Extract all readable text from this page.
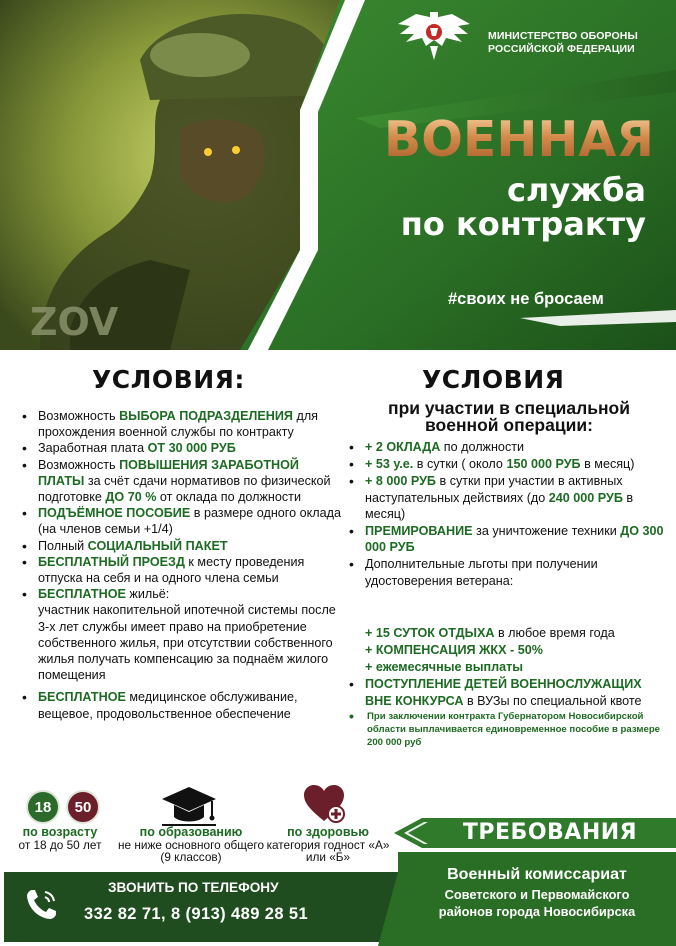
ZOV
МИНИСТЕРСТВО ОБОРОНЫ
РОССИЙСКОЙ ФЕДЕРАЦИИ
ВОЕННАЯ
служба
по контракту
#своих не бросаем
УСЛОВИЯ:
• Возможность ВЫБОРА ПОДРАЗДЕЛЕНИЯ для прохождения военной службы по контракту
• Заработная плата ОТ 30 000 РУБ
• Возможность ПОВЫШЕНИЯ ЗАРАБОТНОЙ ПЛАТЫ за счёт сдачи нормативов по физической подготовке ДО 70 % от оклада по должности
• ПОДЪЁМНОЕ ПОСОБИЕ в размере одного оклада (на членов семьи +1/4)
• Полный СОЦИАЛЬНЫЙ ПАКЕТ
• БЕСПЛАТНЫЙ ПРОЕЗД к месту проведения отпуска на себя и на одного члена семьи
• БЕСПЛАТНОЕ жильё:
участник накопительной ипотечной системы после 3-х лет службы имеет право на приобретение собственного жилья, при отсутствии собственного жилья получать компенсацию за поднаём жилого помещения
• БЕСПЛАТНОЕ медицинское обслуживание, вещевое, продовольственное обеспечение
УСЛОВИЯ
при участии в специальной военной операции:
• + 2 ОКЛАДА по должности
• + 53 у.е. в сутки ( около 150 000 РУБ в месяц)
• + 8 000 РУБ в сутки при участии в активных наступательных действиях (до 240 000 РУБ в месяц)
• ПРЕМИРОВАНИЕ за уничтожение техники ДО 300 000 РУБ
• Дополнительные льготы при получении удостоверения ветерана:
+ 15 СУТОК ОТДЫХА в любое время года
+ КОМПЕНСАЦИЯ ЖКХ - 50%
+ ежемесячные выплаты
• ПОСТУПЛЕНИЕ ДЕТЕЙ ВОЕННОСЛУЖАЩИХ ВНЕ КОНКУРСА в ВУЗы по специальной квоте
• При заключении контракта Губернатором Новосибирской области выплачивается единовременное пособие в размере 200 000 руб
18	50
по возрасту
от 18 до 50 лет
по образованию
не ниже основного общего (9 классов)
по здоровью
категория годност «А» или «Б»
ТРЕБОВАНИЯ
ЗВОНИТЬ ПО ТЕЛЕФОНУ
332 82 71, 8 (913) 489 28 51
Военный комиссариат
Советского и Первомайского
районов города Новосибирска
